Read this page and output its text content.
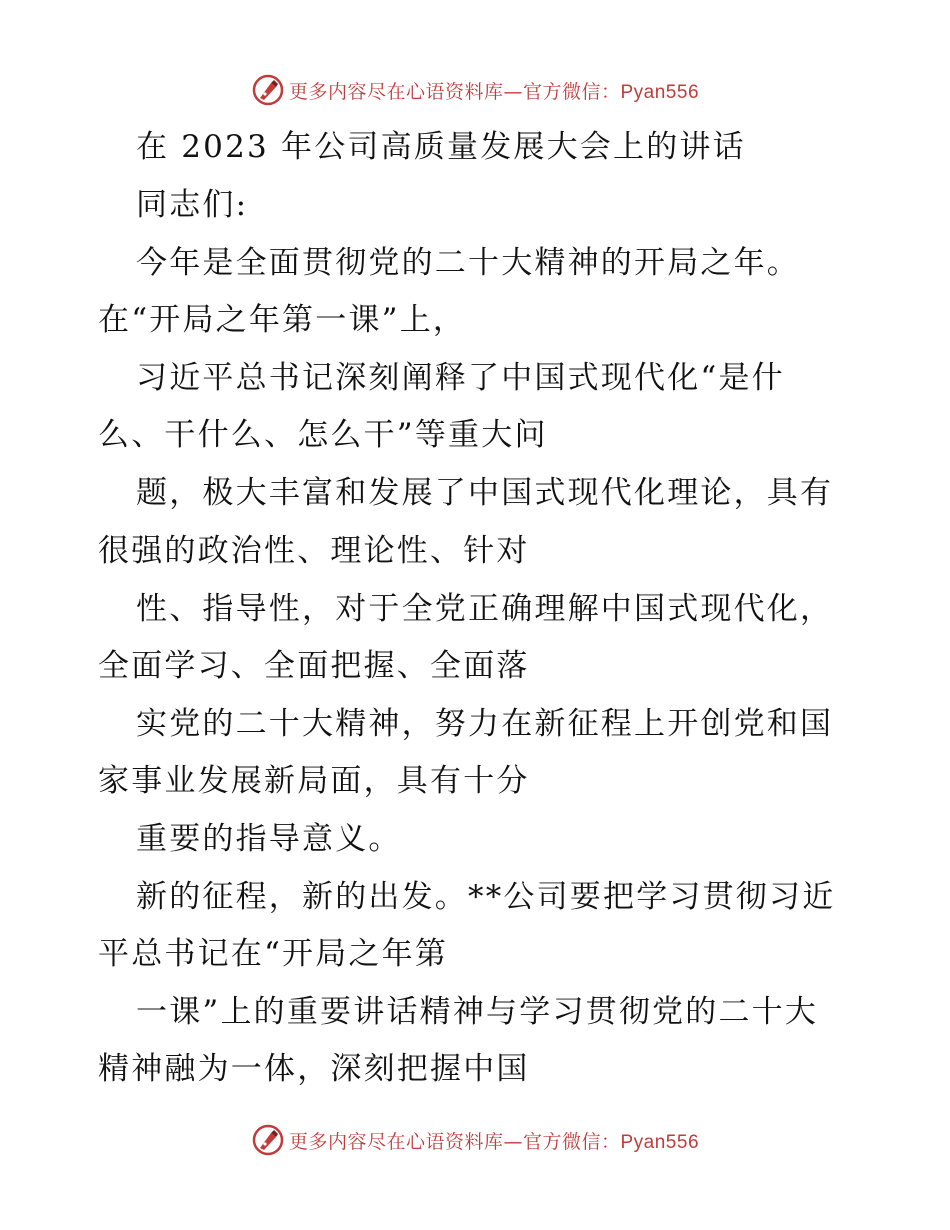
更多内容尽在心语资料库—官方微信：Pyan556
在 2023 年公司高质量发展大会上的讲话
同志们:
今年是全面贯彻党的二十大精神的开局之年。
在“开局之年第一课”上，
习近平总书记深刻阐释了中国式现代化“是什
么、干什么、怎么干”等重大问
题，极大丰富和发展了中国式现代化理论，具有
很强的政治性、理论性、针对
性、指导性，对于全党正确理解中国式现代化，
全面学习、全面把握、全面落
实党的二十大精神，努力在新征程上开创党和国
家事业发展新局面，具有十分
重要的指导意义。
新的征程，新的出发。**公司要把学习贯彻习近
平总书记在“开局之年第
一课”上的重要讲话精神与学习贯彻党的二十大
精神融为一体，深刻把握中国
更多内容尽在心语资料库—官方微信：Pyan556
